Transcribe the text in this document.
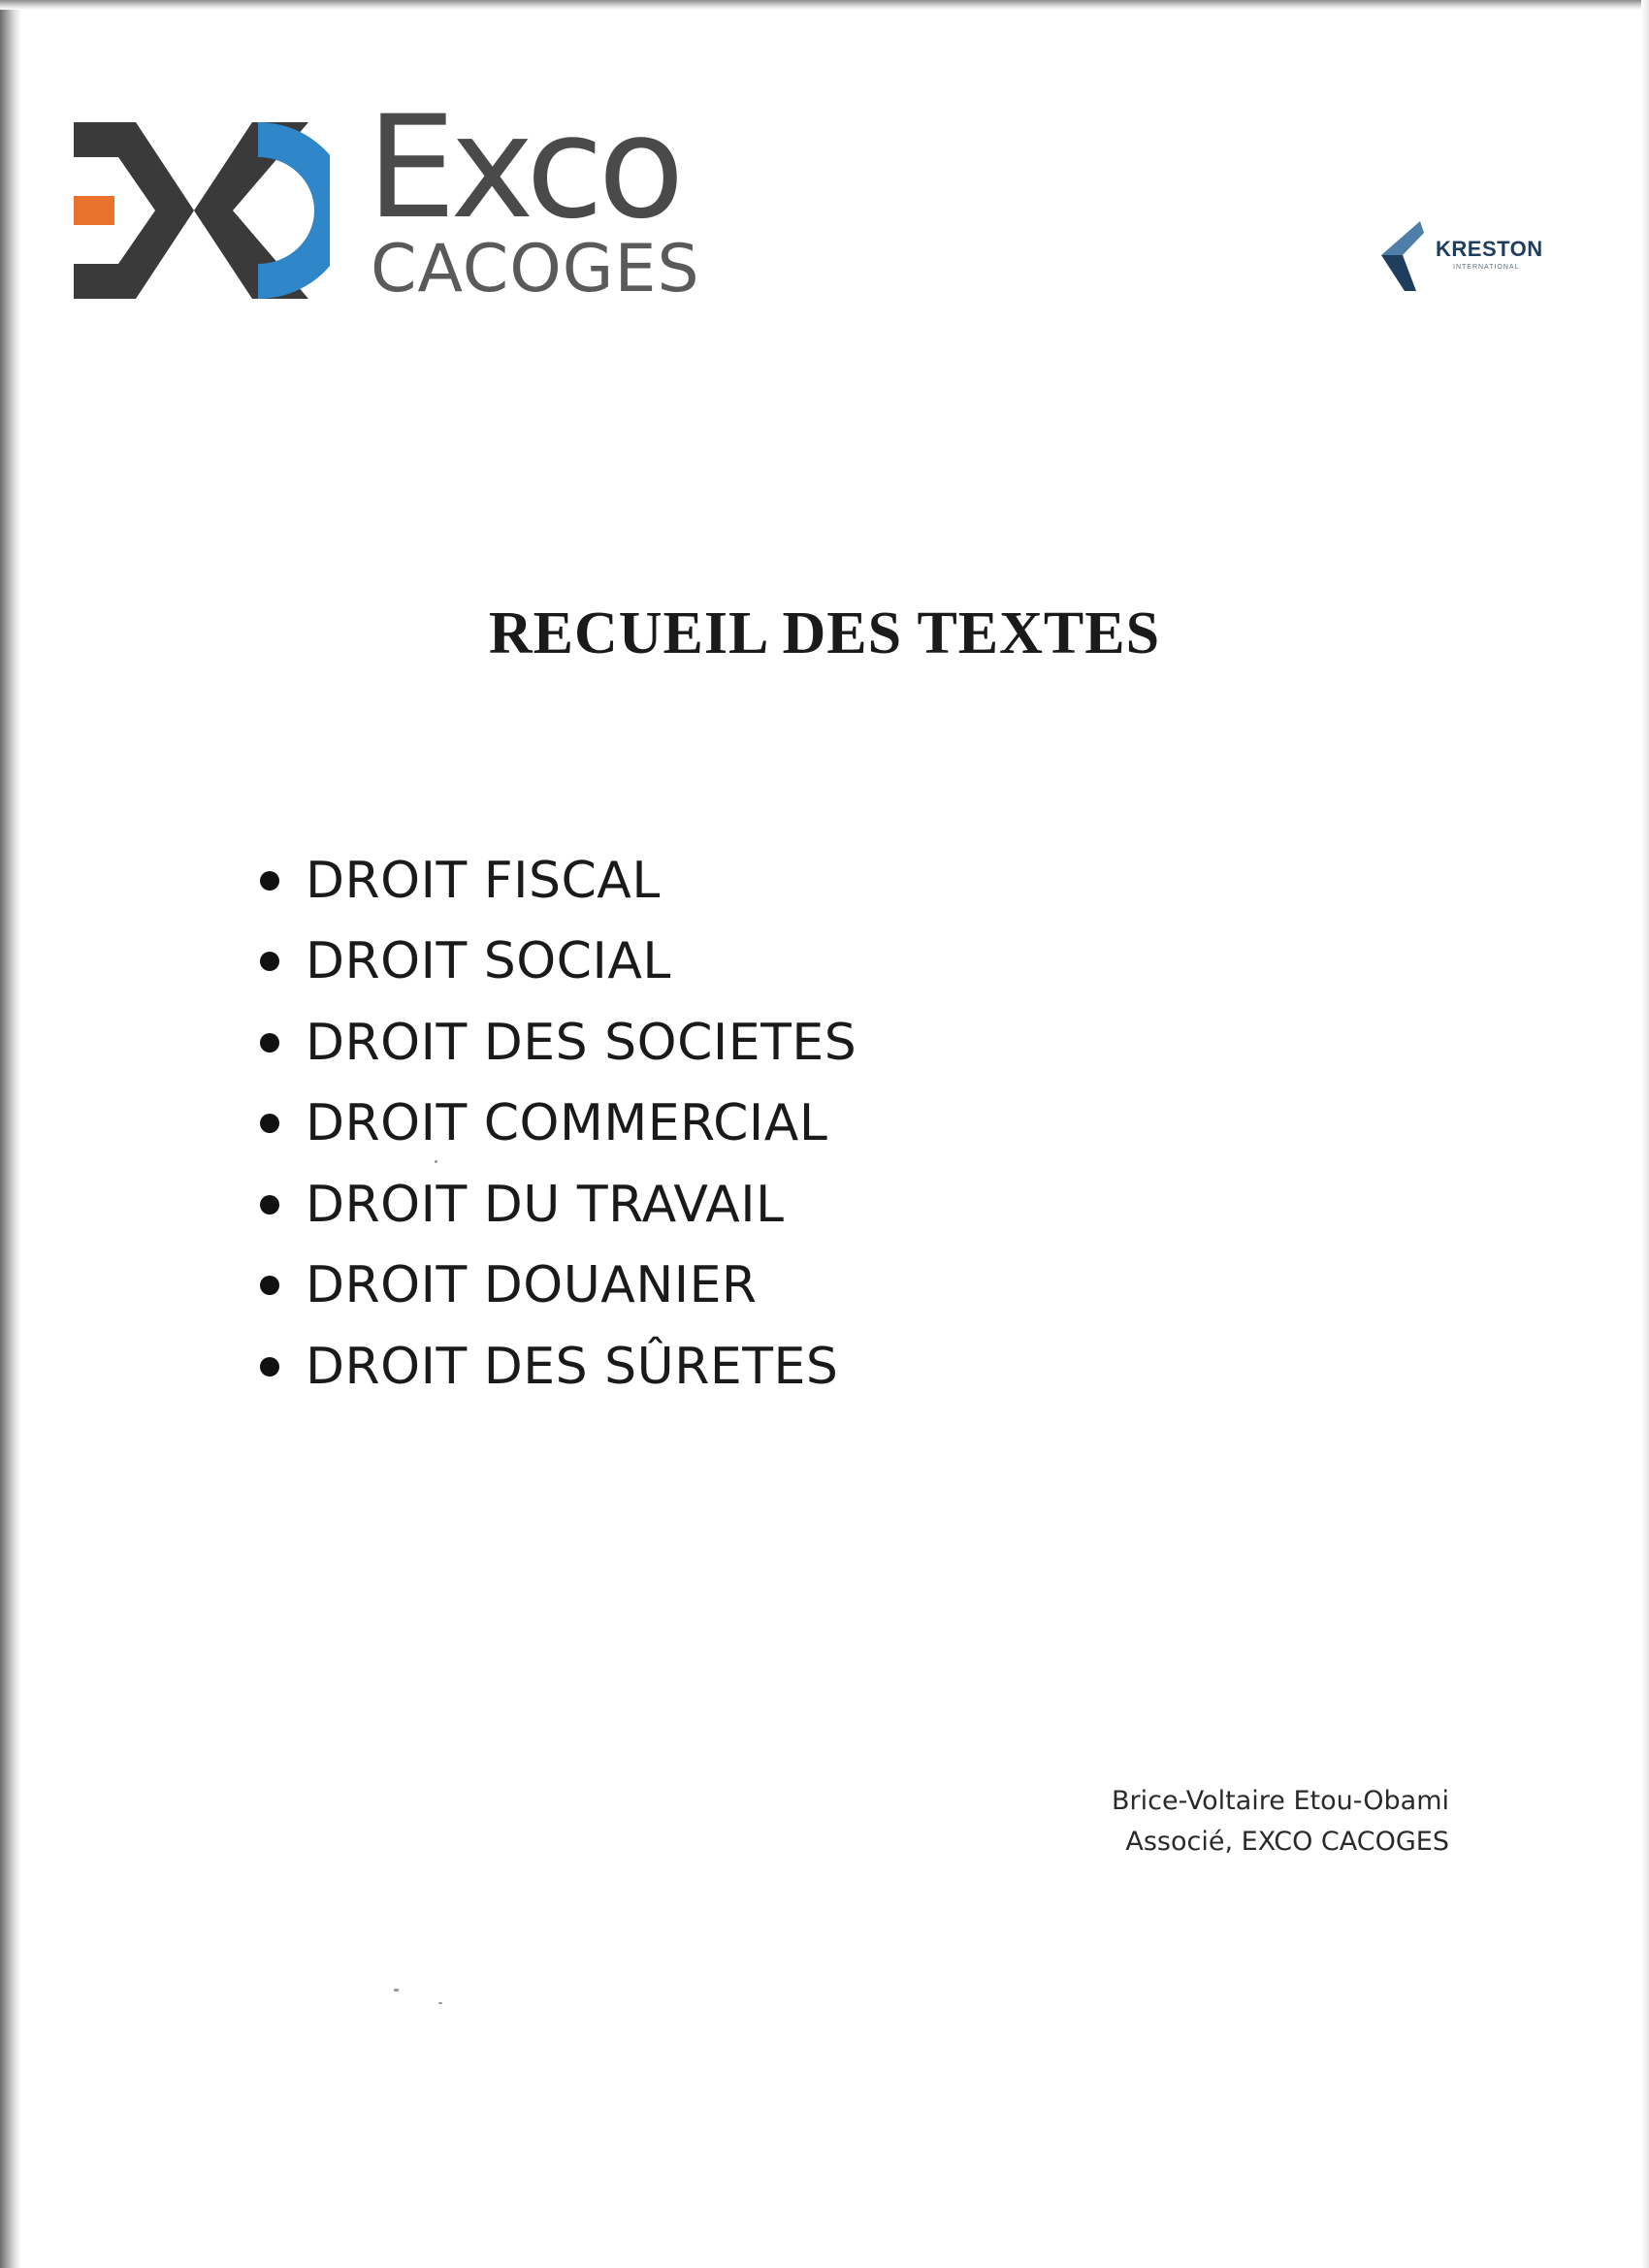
Exco
CACOGES	KRESTON
INTERNATIONAL
RECUEIL DES TEXTES
DROIT FISCAL
DROIT SOCIAL
DROIT DES SOCIETES
DROIT COMMERCIAL
DROIT DU TRAVAIL
DROIT DOUANIER
DROIT DES SÛRETES
Brice-Voltaire Etou-Obami
Associé, EXCO CACOGES
